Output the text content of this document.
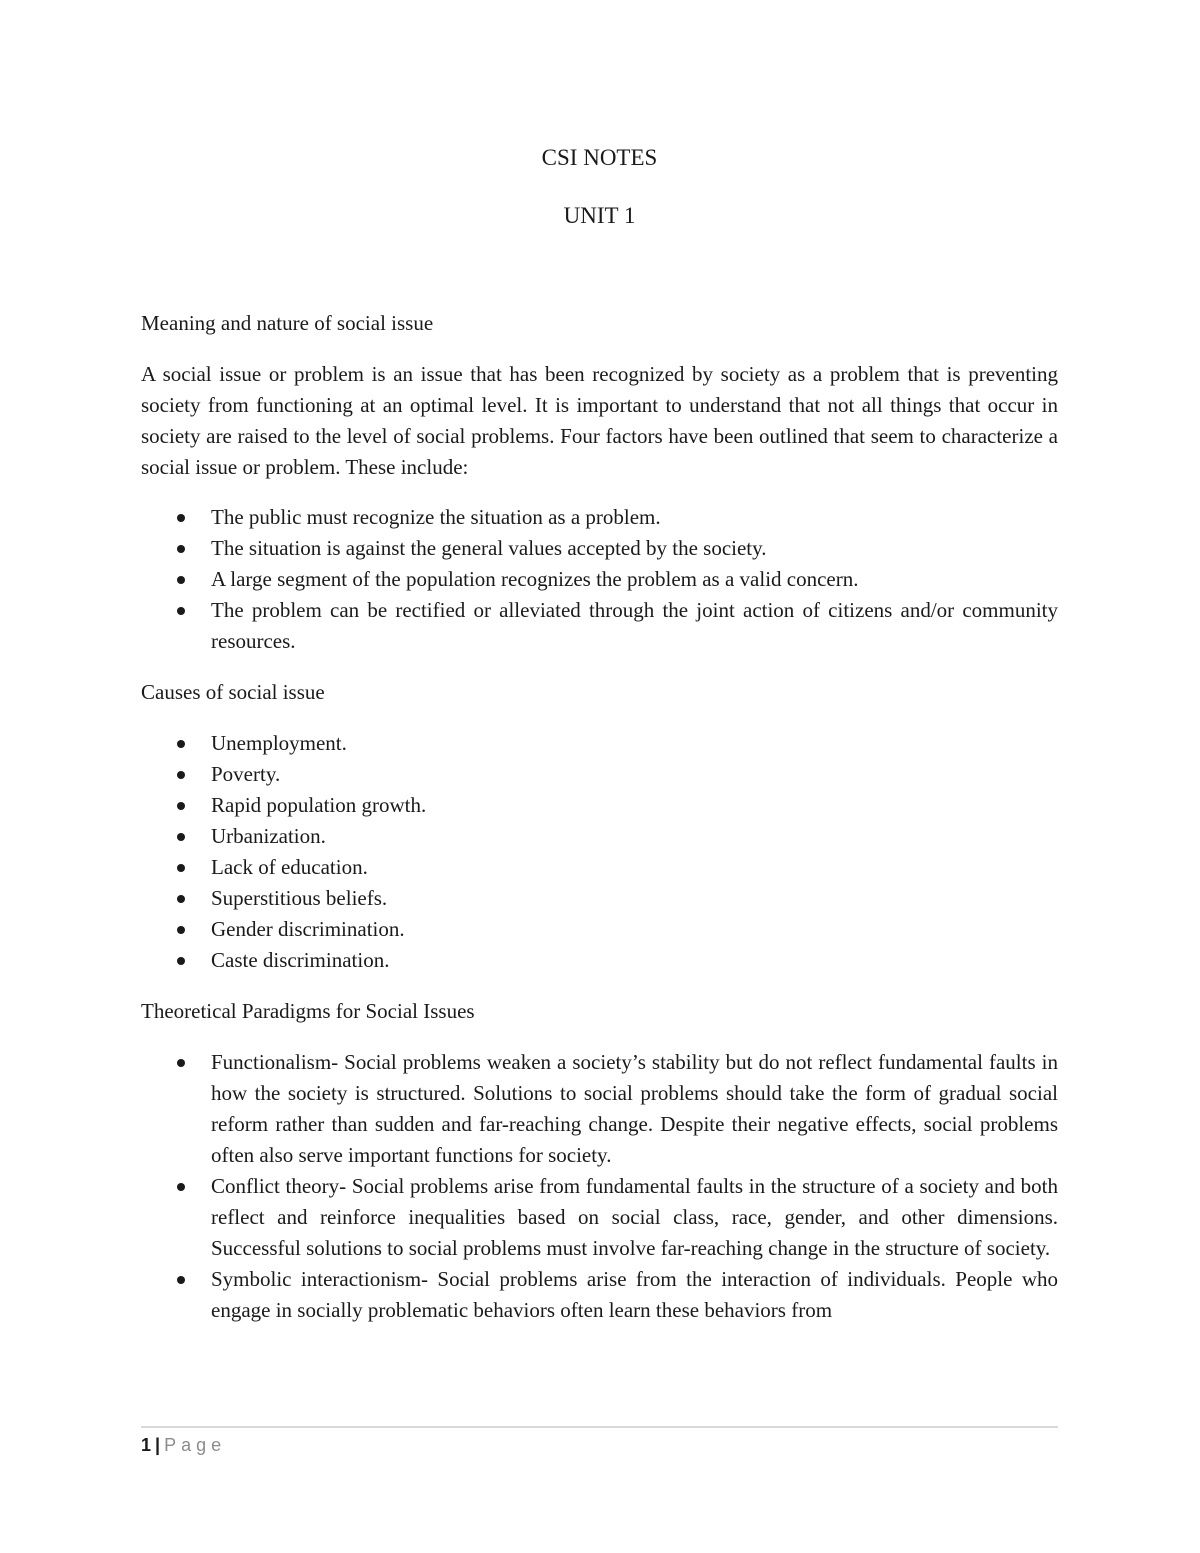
CSI NOTES
UNIT 1

Meaning and nature of social issue

A social issue or problem is an issue that has been recognized by society as a problem that is preventing society from functioning at an optimal level. It is important to understand that not all things that occur in society are raised to the level of social problems. Four factors have been outlined that seem to characterize a social issue or problem. These include:

The public must recognize the situation as a problem.
The situation is against the general values accepted by the society.
A large segment of the population recognizes the problem as a valid concern.
The problem can be rectified or alleviated through the joint action of citizens and/or community resources.

Causes of social issue

Unemployment.
Poverty.
Rapid population growth.
Urbanization.
Lack of education.
Superstitious beliefs.
Gender discrimination.
Caste discrimination.

Theoretical Paradigms for Social Issues

Functionalism- Social problems weaken a society’s stability but do not reflect fundamental faults in how the society is structured. Solutions to social problems should take the form of gradual social reform rather than sudden and far-reaching change. Despite their negative effects, social problems often also serve important functions for society.
Conflict theory- Social problems arise from fundamental faults in the structure of a society and both reflect and reinforce inequalities based on social class, race, gender, and other dimensions. Successful solutions to social problems must involve far-reaching change in the structure of society.
Symbolic interactionism- Social problems arise from the interaction of individuals. People who engage in socially problematic behaviors often learn these behaviors from
1 | Page
